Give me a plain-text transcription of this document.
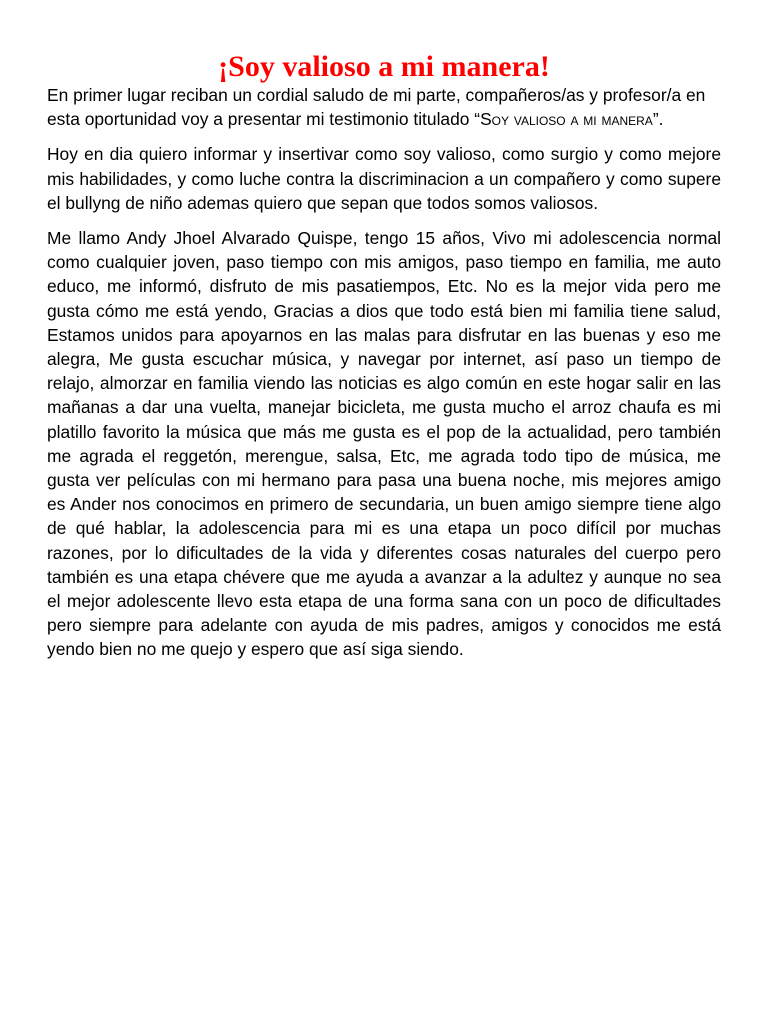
¡Soy valioso a mi manera!

En primer lugar reciban un cordial saludo de mi parte, compañeros/as y profesor/a en esta oportunidad voy a presentar mi testimonio titulado “Soy valioso a mi manera”.

Hoy en dia quiero informar y insertivar como soy valioso, como surgio y como mejore mis habilidades, y como luche contra la discriminacion a un compañero y como supere el bullyng de niño ademas quiero que sepan que todos somos valiosos.

Me llamo Andy Jhoel Alvarado Quispe, tengo 15 años, Vivo mi adolescencia normal como cualquier joven, paso tiempo con mis amigos, paso tiempo en familia, me auto educo, me informó, disfruto de mis pasatiempos, Etc. No es la mejor vida pero me gusta cómo me está yendo, Gracias a dios que todo está bien mi familia tiene salud, Estamos unidos para apoyarnos en las malas para disfrutar en las buenas y eso me alegra, Me gusta escuchar música, y navegar por internet, así paso un tiempo de relajo, almorzar en familia viendo las noticias es algo común en este hogar salir en las mañanas a dar una vuelta, manejar bicicleta, me gusta mucho el arroz chaufa es mi platillo favorito la música que más me gusta es el pop de la actualidad, pero también me agrada el reggetón, merengue, salsa, Etc, me agrada todo tipo de música, me gusta ver películas con mi hermano para pasa una buena noche, mis mejores amigo es Ander nos conocimos en primero de secundaria, un buen amigo siempre tiene algo de qué hablar, la adolescencia para mi es una etapa un poco difícil por muchas razones, por lo dificultades de la vida y diferentes cosas naturales del cuerpo pero también es una etapa chévere que me ayuda a avanzar a la adultez y aunque no sea el mejor adolescente llevo esta etapa de una forma sana con un poco de dificultades pero siempre para adelante con ayuda de mis padres, amigos y conocidos me está yendo bien no me quejo y espero que así siga siendo.
